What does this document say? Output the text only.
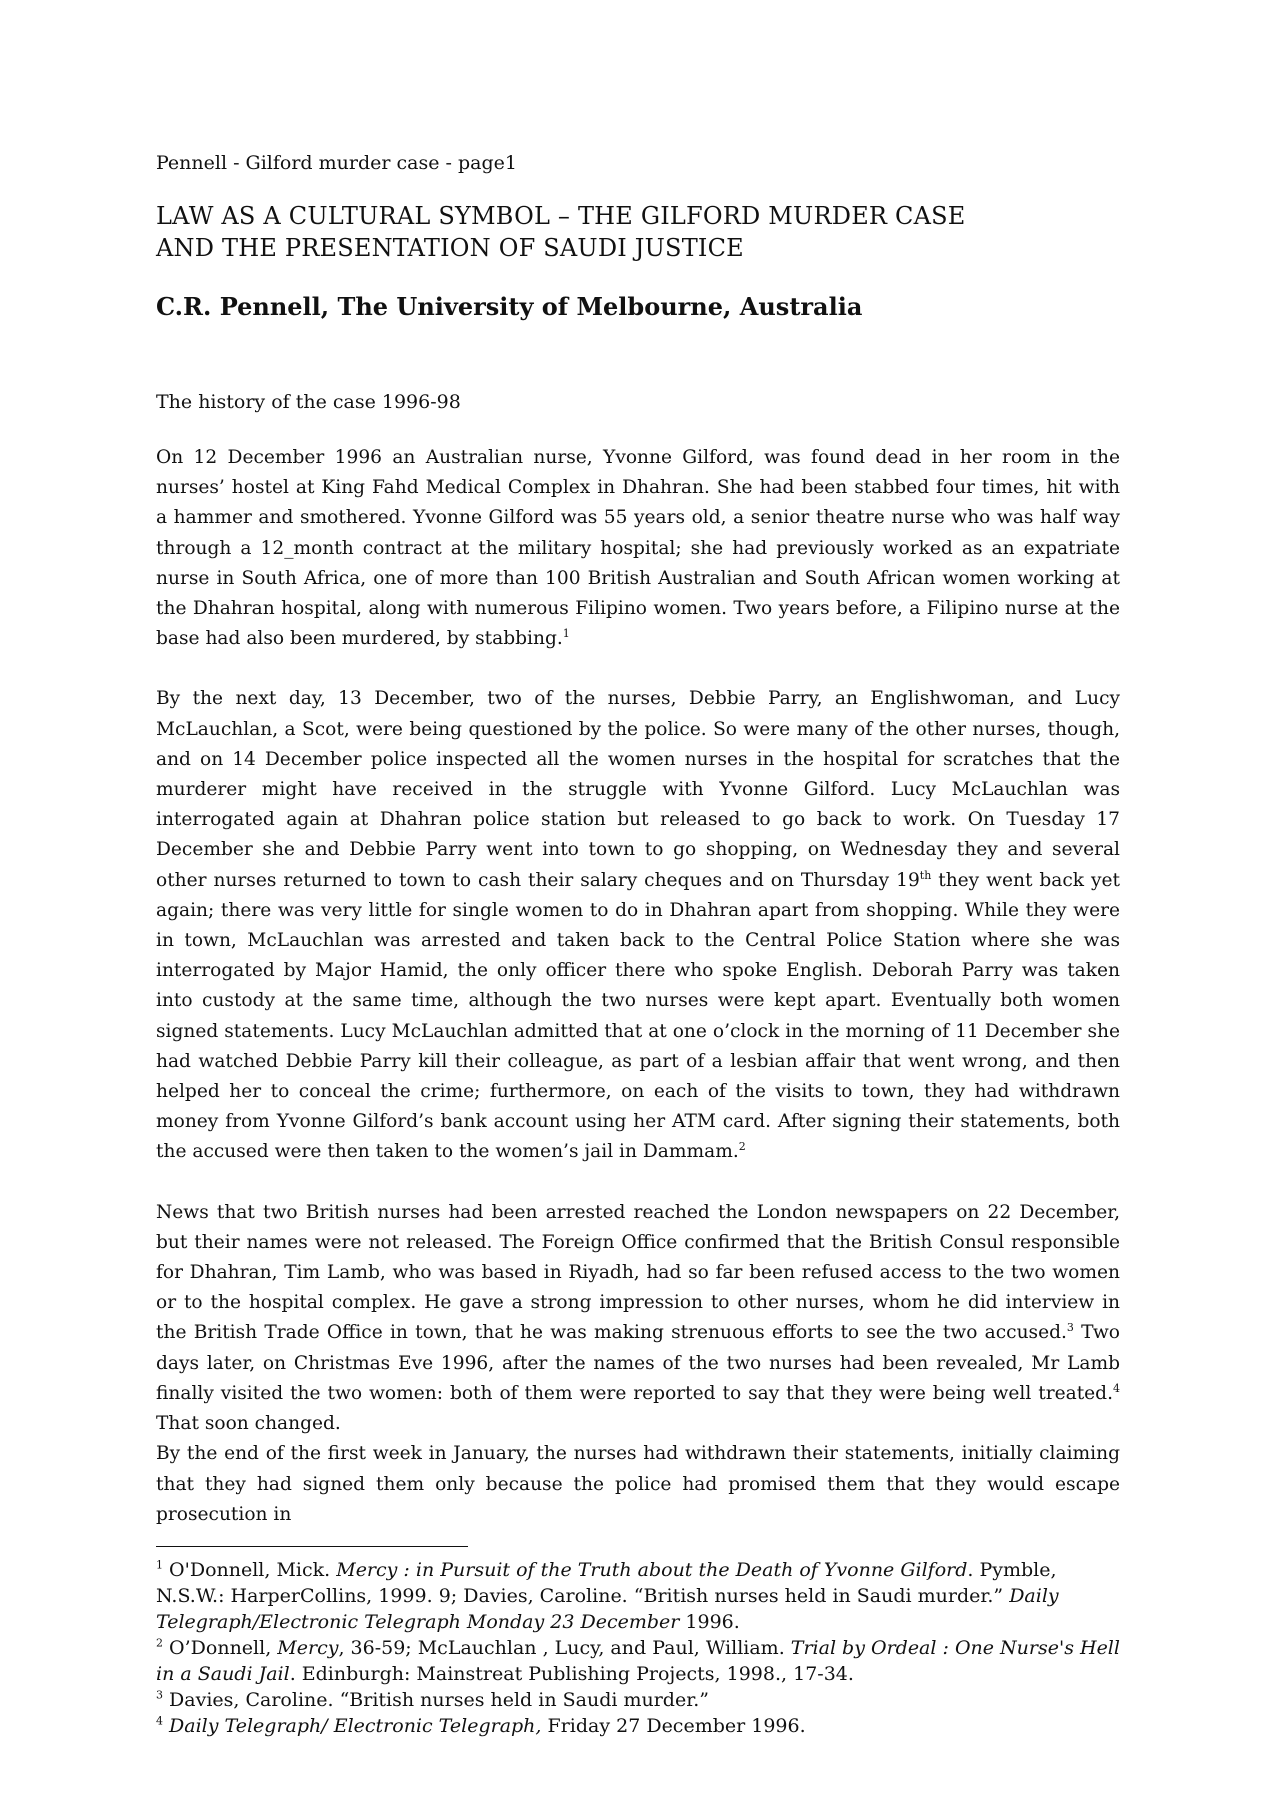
Pennell - Gilford murder case - page1
LAW AS A CULTURAL SYMBOL – THE GILFORD MURDER CASE
AND THE PRESENTATION OF SAUDI JUSTICE
C.R. Pennell, The University of Melbourne, Australia
The history of the case 1996-98

On 12 December 1996 an Australian nurse, Yvonne Gilford, was found dead in her room in the nurses’ hostel at King Fahd Medical Complex in Dhahran. She had been stabbed four times, hit with a hammer and smothered. Yvonne Gilford was 55 years old, a senior theatre nurse who was half way through a 12_month contract at the military hospital; she had previously worked as an expatriate nurse in South Africa, one of more than 100 British Australian and South African women working at the Dhahran hospital, along with numerous Filipino women. Two years before, a Filipino nurse at the base had also been murdered, by stabbing.$^1$

By the next day, 13 December, two of the nurses, Debbie Parry, an Englishwoman, and Lucy McLauchlan, a Scot, were being questioned by the police. So were many of the other nurses, though, and on 14 December police inspected all the women nurses in the hospital for scratches that the murderer might have received in the struggle with Yvonne Gilford. Lucy McLauchlan was interrogated again at Dhahran police station but released to go back to work. On Tuesday 17 December she and Debbie Parry went into town to go shopping, on Wednesday they and several other nurses returned to town to cash their salary cheques and on Thursday 19th they went back yet again; there was very little for single women to do in Dhahran apart from shopping. While they were in town, McLauchlan was arrested and taken back to the Central Police Station where she was interrogated by Major Hamid, the only officer there who spoke English. Deborah Parry was taken into custody at the same time, although the two nurses were kept apart. Eventually both women signed statements. Lucy McLauchlan admitted that at one o’clock in the morning of 11 December she had watched Debbie Parry kill their colleague, as part of a lesbian affair that went wrong, and then helped her to conceal the crime; furthermore, on each of the visits to town, they had withdrawn money from Yvonne Gilford’s bank account using her ATM card. After signing their statements, both the accused were then taken to the women’s jail in Dammam.$^2$

News that two British nurses had been arrested reached the London newspapers on 22 December, but their names were not released. The Foreign Office confirmed that the British Consul responsible for Dhahran, Tim Lamb, who was based in Riyadh, had so far been refused access to the two women or to the hospital complex. He gave a strong impression to other nurses, whom he did interview in the British Trade Office in town, that he was making strenuous efforts to see the two accused.$^3$ Two days later, on Christmas Eve 1996, after the names of the two nurses had been revealed, Mr Lamb finally visited the two women: both of them were reported to say that they were being well treated.$^4$ That soon changed.

By the end of the first week in January, the nurses had withdrawn their statements, initially claiming that they had signed them only because the police had promised them that they would escape prosecution in

$^1$ O'Donnell, Mick. Mercy : in Pursuit of the Truth about the Death of Yvonne Gilford. Pymble, N.S.W.: HarperCollins, 1999. 9; Davies, Caroline. “British nurses held in Saudi murder.” Daily Telegraph/Electronic Telegraph Monday 23 December 1996.

$^2$ O’Donnell, Mercy, 36-59; McLauchlan , Lucy, and Paul, William. Trial by Ordeal : One Nurse's Hell in a Saudi Jail. Edinburgh: Mainstreat Publishing Projects, 1998., 17-34.

$^3$ Davies, Caroline. “British nurses held in Saudi murder.”

$^4$ Daily Telegraph/ Electronic Telegraph, Friday 27 December 1996.
